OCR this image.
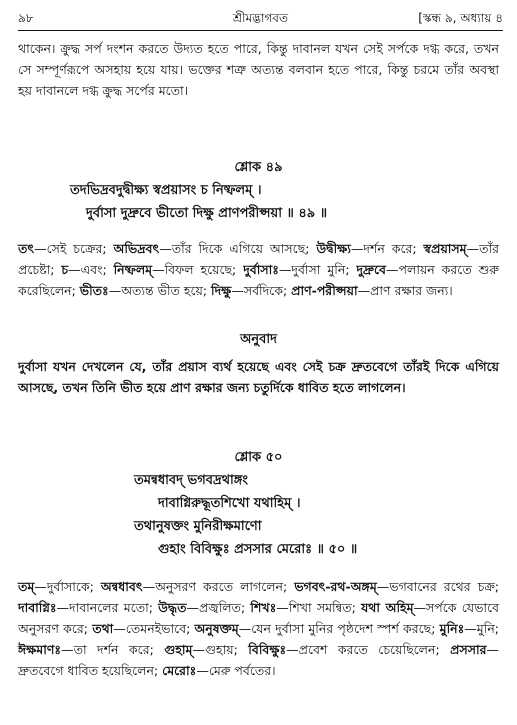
৯৮	শ্রীমদ্ভাগবত	[স্কন্ধ ৯, অধ্যায় ৪
থাকেন। ক্রুদ্ধ সর্প দংশন করতে উদ্যত হতে পারে, কিন্তু দাবানল যখন সেই সর্পকে দগ্ধ করে, তখন সে সম্পূর্ণরূপে অসহায় হয়ে যায়। ভক্তের শত্রু অত্যন্ত বলবান হতে পারে, কিন্তু চরমে তাঁর অবস্থা হয় দাবানলে দগ্ধ ক্রুদ্ধ সর্পের মতো।
শ্লোক ৪৯
তদভিদ্রবদুদ্বীক্ষ্য স্বপ্রয়াসং চ নিষ্ফলম্ ।
দুর্বাসা দুদ্রুবে ভীতো দিক্ষু প্রাণপরীপ্সয়া ॥ ৪৯ ॥
তৎ—সেই চক্রের; অভিদ্রবৎ—তাঁর দিকে এগিয়ে আসছে; উদ্বীক্ষ্য—দর্শন করে; স্বপ্রয়াসম্—তাঁর প্রচেষ্টা; চ—এবং; নিষ্ফলম্—বিফল হয়েছে; দুর্বাসাঃ—দুর্বাসা মুনি; দুদ্রুবে—পলায়ন করতে শুরু করেছিলেন; ভীতঃ—অত্যন্ত ভীত হয়ে; দিক্ষু—সর্বদিকে; প্রাণ-পরীপ্সয়া—প্রাণ রক্ষার জন্য।
অনুবাদ
দুর্বাসা যখন দেখলেন যে, তাঁর প্রয়াস ব্যর্থ হয়েছে এবং সেই চক্র দ্রুতবেগে তাঁরই দিকে এগিয়ে আসছে, তখন তিনি ভীত হয়ে প্রাণ রক্ষার জন্য চতুর্দিকে ধাবিত হতে লাগলেন।
শ্লোক ৫০
তমন্বধাবদ্ ভগবদ্রথাঙ্গং
দাবাগ্নিরুদ্ধূতশিখো যথাহিম্ ।
তথানুষক্তং মুনিরীক্ষমাণো
গুহাং বিবিক্ষুঃ প্রসসার মেরোঃ ॥ ৫০ ॥
তম্—দুর্বাসাকে; অন্বধাবৎ—অনুসরণ করতে লাগলেন; ভগবৎ-রথ-অঙ্গম্—ভগবানের রথের চক্র; দাবাগ্নিঃ—দাবানলের মতো; উদ্ধৃত—প্রজ্বলিত; শিখঃ—শিখা সমন্বিত; যথা অহিম্—সর্পকে যেভাবে অনুসরণ করে; তথা—তেমনইভাবে; অনুষক্তম্—যেন দুর্বাসা মুনির পৃষ্ঠদেশ স্পর্শ করছে; মুনিঃ—মুনি; ঈক্ষমাণঃ—তা দর্শন করে; গুহাম্—গুহায়; বিবিক্ষুঃ—প্রবেশ করতে চেয়েছিলেন; প্রসসার—দ্রুতবেগে ধাবিত হয়েছিলেন; মেরোঃ—মেরু পর্বতের।
